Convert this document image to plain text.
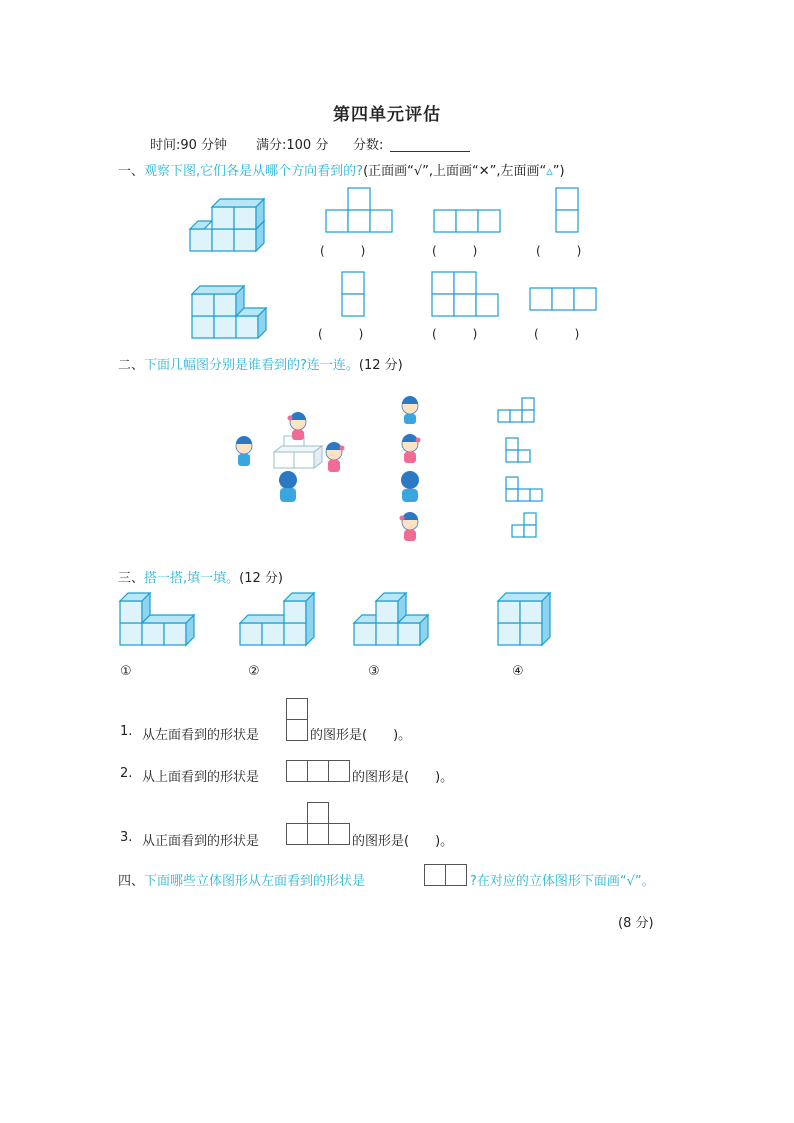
第四单元评估
时间:90 分钟 满分:100 分 分数:
一、观察下图,它们各是从哪个方向看到的?(正面画“√”,上面画“✕”,左面画“▵”)
(　　　)	(　　　)	(　　　)
(　　　)	(　　　)	(　　　)
二、下面几幅图分别是谁看到的?连一连。(12 分)
三、搭一搭,填一填。(12 分)
①	②	③	④
1. 从左面看到的形状是	的图形是(　　)。
2. 从上面看到的形状是	的图形是(　　)。
3. 从正面看到的形状是	的图形是(　　)。
四、下面哪些立体图形从左面看到的形状是	?在对应的立体图形下面画“√”。
(8 分)
